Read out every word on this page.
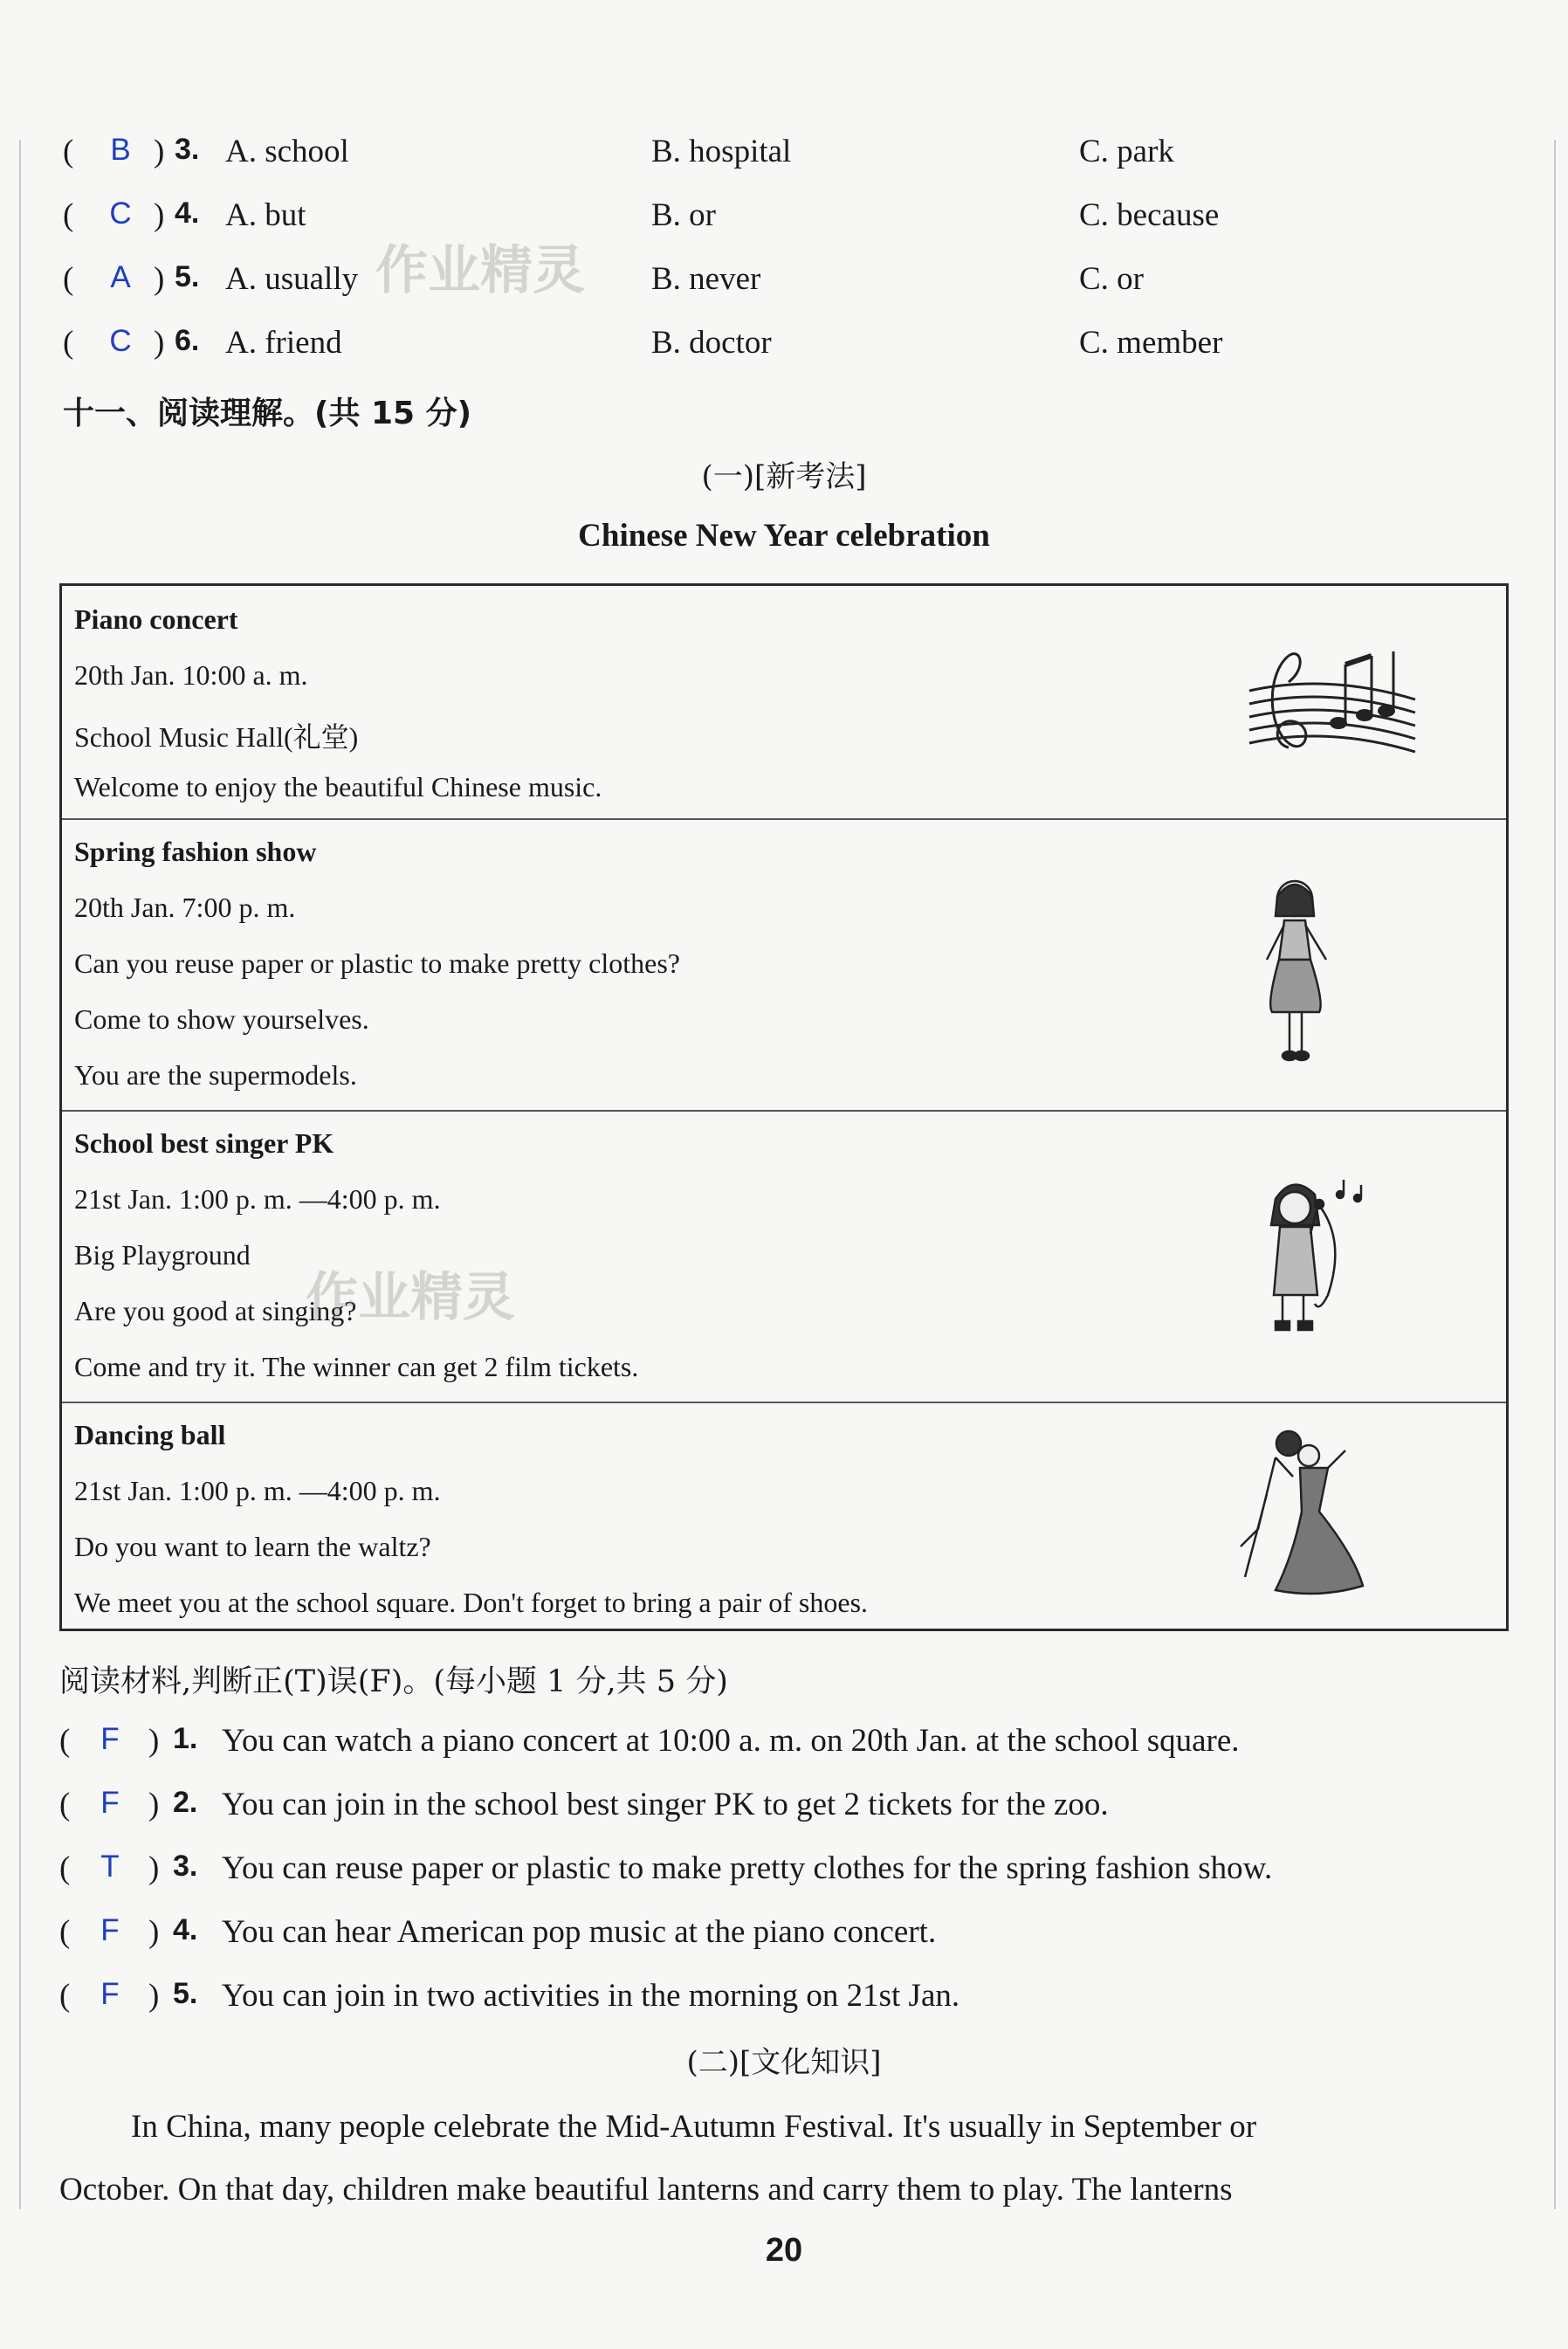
( B ) 3. A. school	B. hospital	C. park
( C ) 4. A. but	B. or	C. because
( A ) 5. A. usually	B. never	C. or
( C ) 6. A. friend	B. doctor	C. member
作业精灵
十一、阅读理解。(共 15 分)
(一)[新考法]
Chinese New Year celebration
Piano concert
20th Jan. 10:00 a. m.
School Music Hall(礼堂)
Welcome to enjoy the beautiful Chinese music.
Spring fashion show
20th Jan. 7:00 p. m.
Can you reuse paper or plastic to make pretty clothes?
Come to show yourselves.
You are the supermodels.
School best singer PK
21st Jan. 1:00 p. m. —4:00 p. m.
Big Playground
Are you good at singing?
Come and try it. The winner can get 2 film tickets.
Dancing ball
21st Jan. 1:00 p. m. —4:00 p. m.
Do you want to learn the waltz?
We meet you at the school square. Don't forget to bring a pair of shoes.
作业精灵
阅读材料,判断正(T)误(F)。(每小题 1 分,共 5 分)
( F ) 1. You can watch a piano concert at 10:00 a. m. on 20th Jan. at the school square.
( F ) 2. You can join in the school best singer PK to get 2 tickets for the zoo.
( T ) 3. You can reuse paper or plastic to make pretty clothes for the spring fashion show.
( F ) 4. You can hear American pop music at the piano concert.
( F ) 5. You can join in two activities in the morning on 21st Jan.
(二)[文化知识]
In China, many people celebrate the Mid-Autumn Festival. It's usually in September or
October. On that day, children make beautiful lanterns and carry them to play. The lanterns
20
